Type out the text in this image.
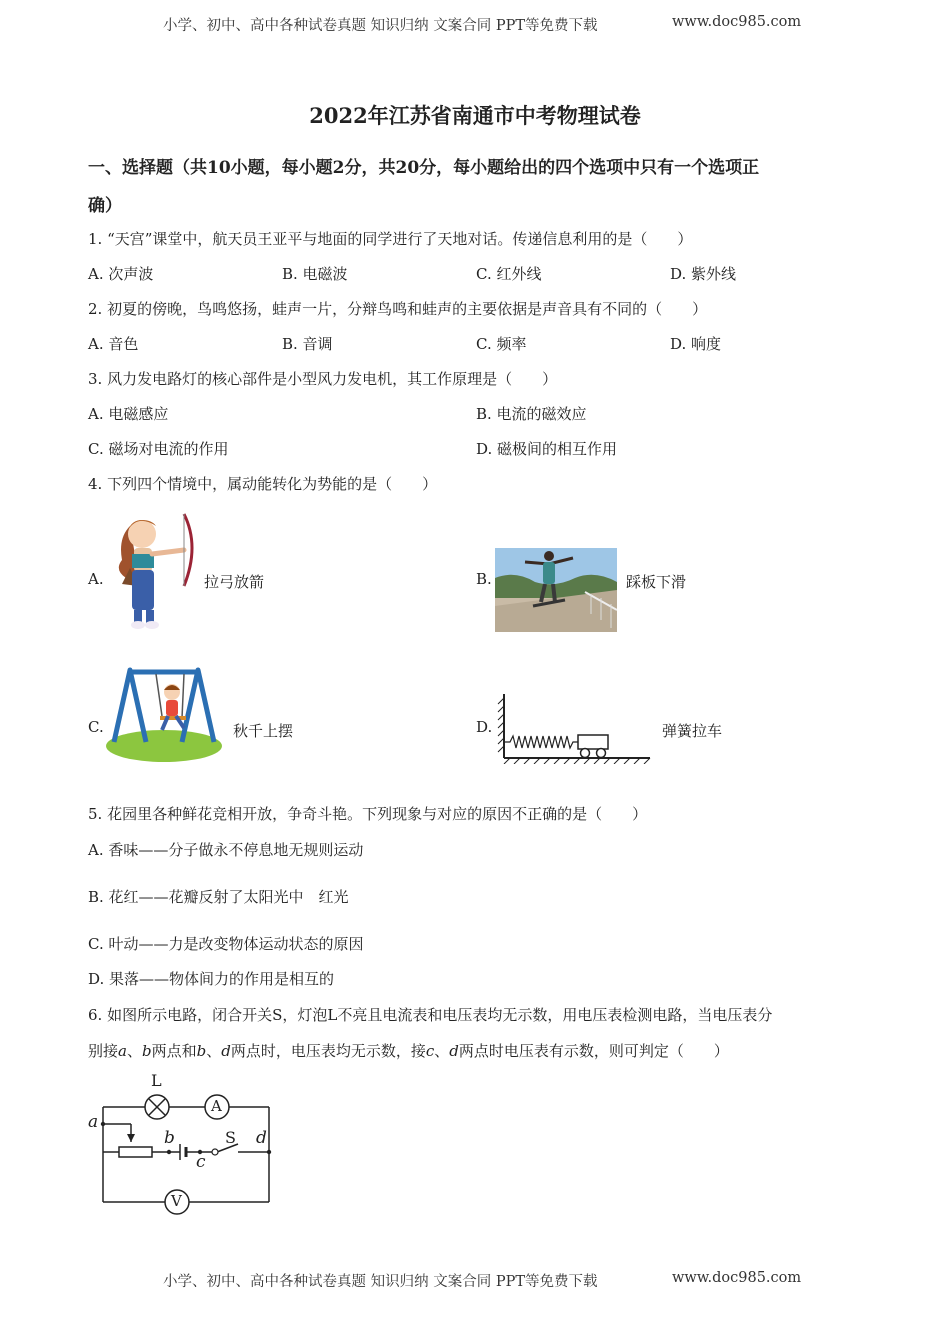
小学、初中、高中各种试卷真题 知识归纳 文案合同 PPT等免费下载	www.doc985.com
2022年江苏省南通市中考物理试卷
一、选择题（共10小题，每小题2分，共20分，每小题给出的四个选项中只有一个选项正
确）
1. “天宫”课堂中，航天员王亚平与地面的同学进行了天地对话。传递信息利用的是（　　）
A. 次声波	B. 电磁波	C. 红外线	D. 紫外线
2. 初夏的傍晚，鸟鸣悠扬，蛙声一片，分辩鸟鸣和蛙声的主要依据是声音具有不同的（　　）
A. 音色	B. 音调	C. 频率	D. 响度
3. 风力发电路灯的核心部件是小型风力发电机，其工作原理是（　　）
A. 电磁感应	B. 电流的磁效应
C. 磁场对电流的作用	D. 磁极间的相互作用
4. 下列四个情境中，属动能转化为势能的是（　　）
A.	拉弓放箭	B.	踩板下滑
C.	秋千上摆	D.	弹簧拉车
5. 花园里各种鲜花竞相开放，争奇斗艳。下列现象与对应的原因不正确的是（　　）
A. 香味——分子做永不停息地无规则运动
B. 花红——花瓣反射了太阳光中　红光
C. 叶动——力是改变物体运动状态的原因
D. 果落——物体间力的作用是相互的
6. 如图所示电路，闭合开关S，灯泡L不亮且电流表和电压表均无示数，用电压表检测电路，当电压表分
别接a、b两点和b、d两点时，电压表均无示数，接c、d两点时电压表有示数，则可判定（　　）
L
A
V
S
a
b
c
d
小学、初中、高中各种试卷真题 知识归纳 文案合同 PPT等免费下载	www.doc985.com
